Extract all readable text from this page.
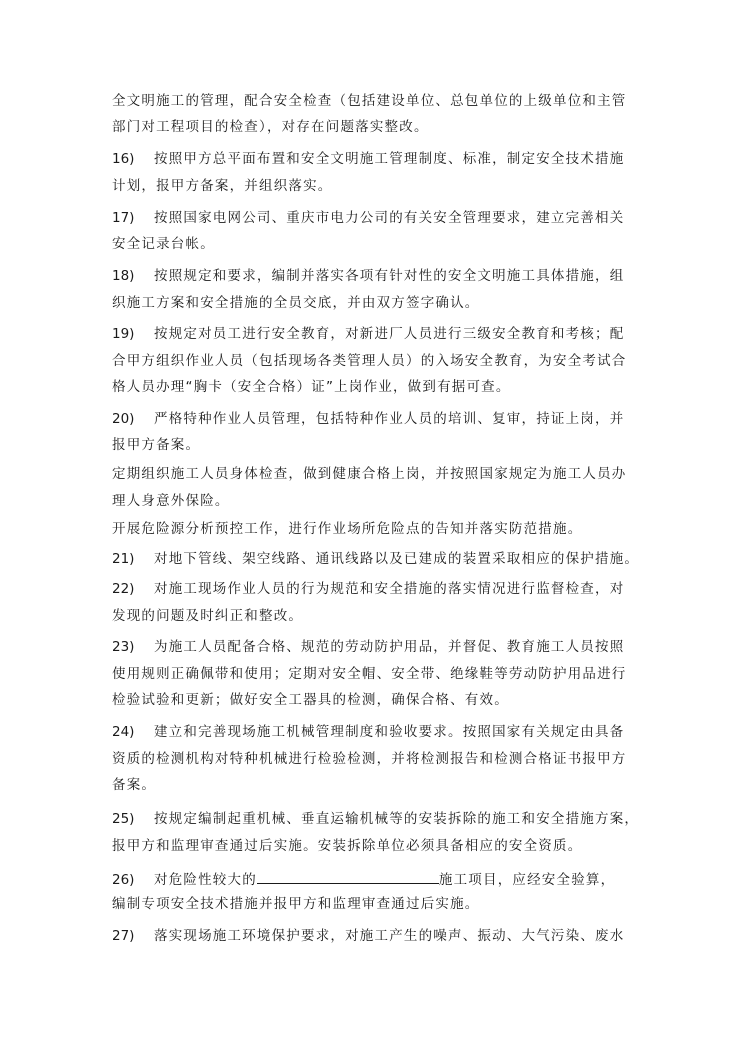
全文明施工的管理，配合安全检查（包括建设单位、总包单位的上级单位和主管
部门对工程项目的检查），对存在问题落实整改。
16) 按照甲方总平面布置和安全文明施工管理制度、标准，制定安全技术措施
计划，报甲方备案，并组织落实。
17) 按照国家电网公司、重庆市电力公司的有关安全管理要求，建立完善相关
安全记录台帐。
18) 按照规定和要求，编制并落实各项有针对性的安全文明施工具体措施，组
织施工方案和安全措施的全员交底，并由双方签字确认。
19) 按规定对员工进行安全教育，对新进厂人员进行三级安全教育和考核；配
合甲方组织作业人员（包括现场各类管理人员）的入场安全教育，为安全考试合
格人员办理“胸卡（安全合格）证”上岗作业，做到有据可查。
20) 严格特种作业人员管理，包括特种作业人员的培训、复审，持证上岗，并
报甲方备案。
定期组织施工人员身体检查，做到健康合格上岗，并按照国家规定为施工人员办
理人身意外保险。
开展危险源分析预控工作，进行作业场所危险点的告知并落实防范措施。
21) 对地下管线、架空线路、通讯线路以及已建成的装置采取相应的保护措施。
22) 对施工现场作业人员的行为规范和安全措施的落实情况进行监督检查，对
发现的问题及时纠正和整改。
23) 为施工人员配备合格、规范的劳动防护用品，并督促、教育施工人员按照
使用规则正确佩带和使用；定期对安全帽、安全带、绝缘鞋等劳动防护用品进行
检验试验和更新；做好安全工器具的检测，确保合格、有效。
24) 建立和完善现场施工机械管理制度和验收要求。按照国家有关规定由具备
资质的检测机构对特种机械进行检验检测，并将检测报告和检测合格证书报甲方
备案。
25) 按规定编制起重机械、垂直运输机械等的安装拆除的施工和安全措施方案，
报甲方和监理审查通过后实施。安装拆除单位必须具备相应的安全资质。
26) 对危险性较大的	施工项目，应经安全验算，
编制专项安全技术措施并报甲方和监理审查通过后实施。
27) 落实现场施工环境保护要求，对施工产生的噪声、振动、大气污染、废水
